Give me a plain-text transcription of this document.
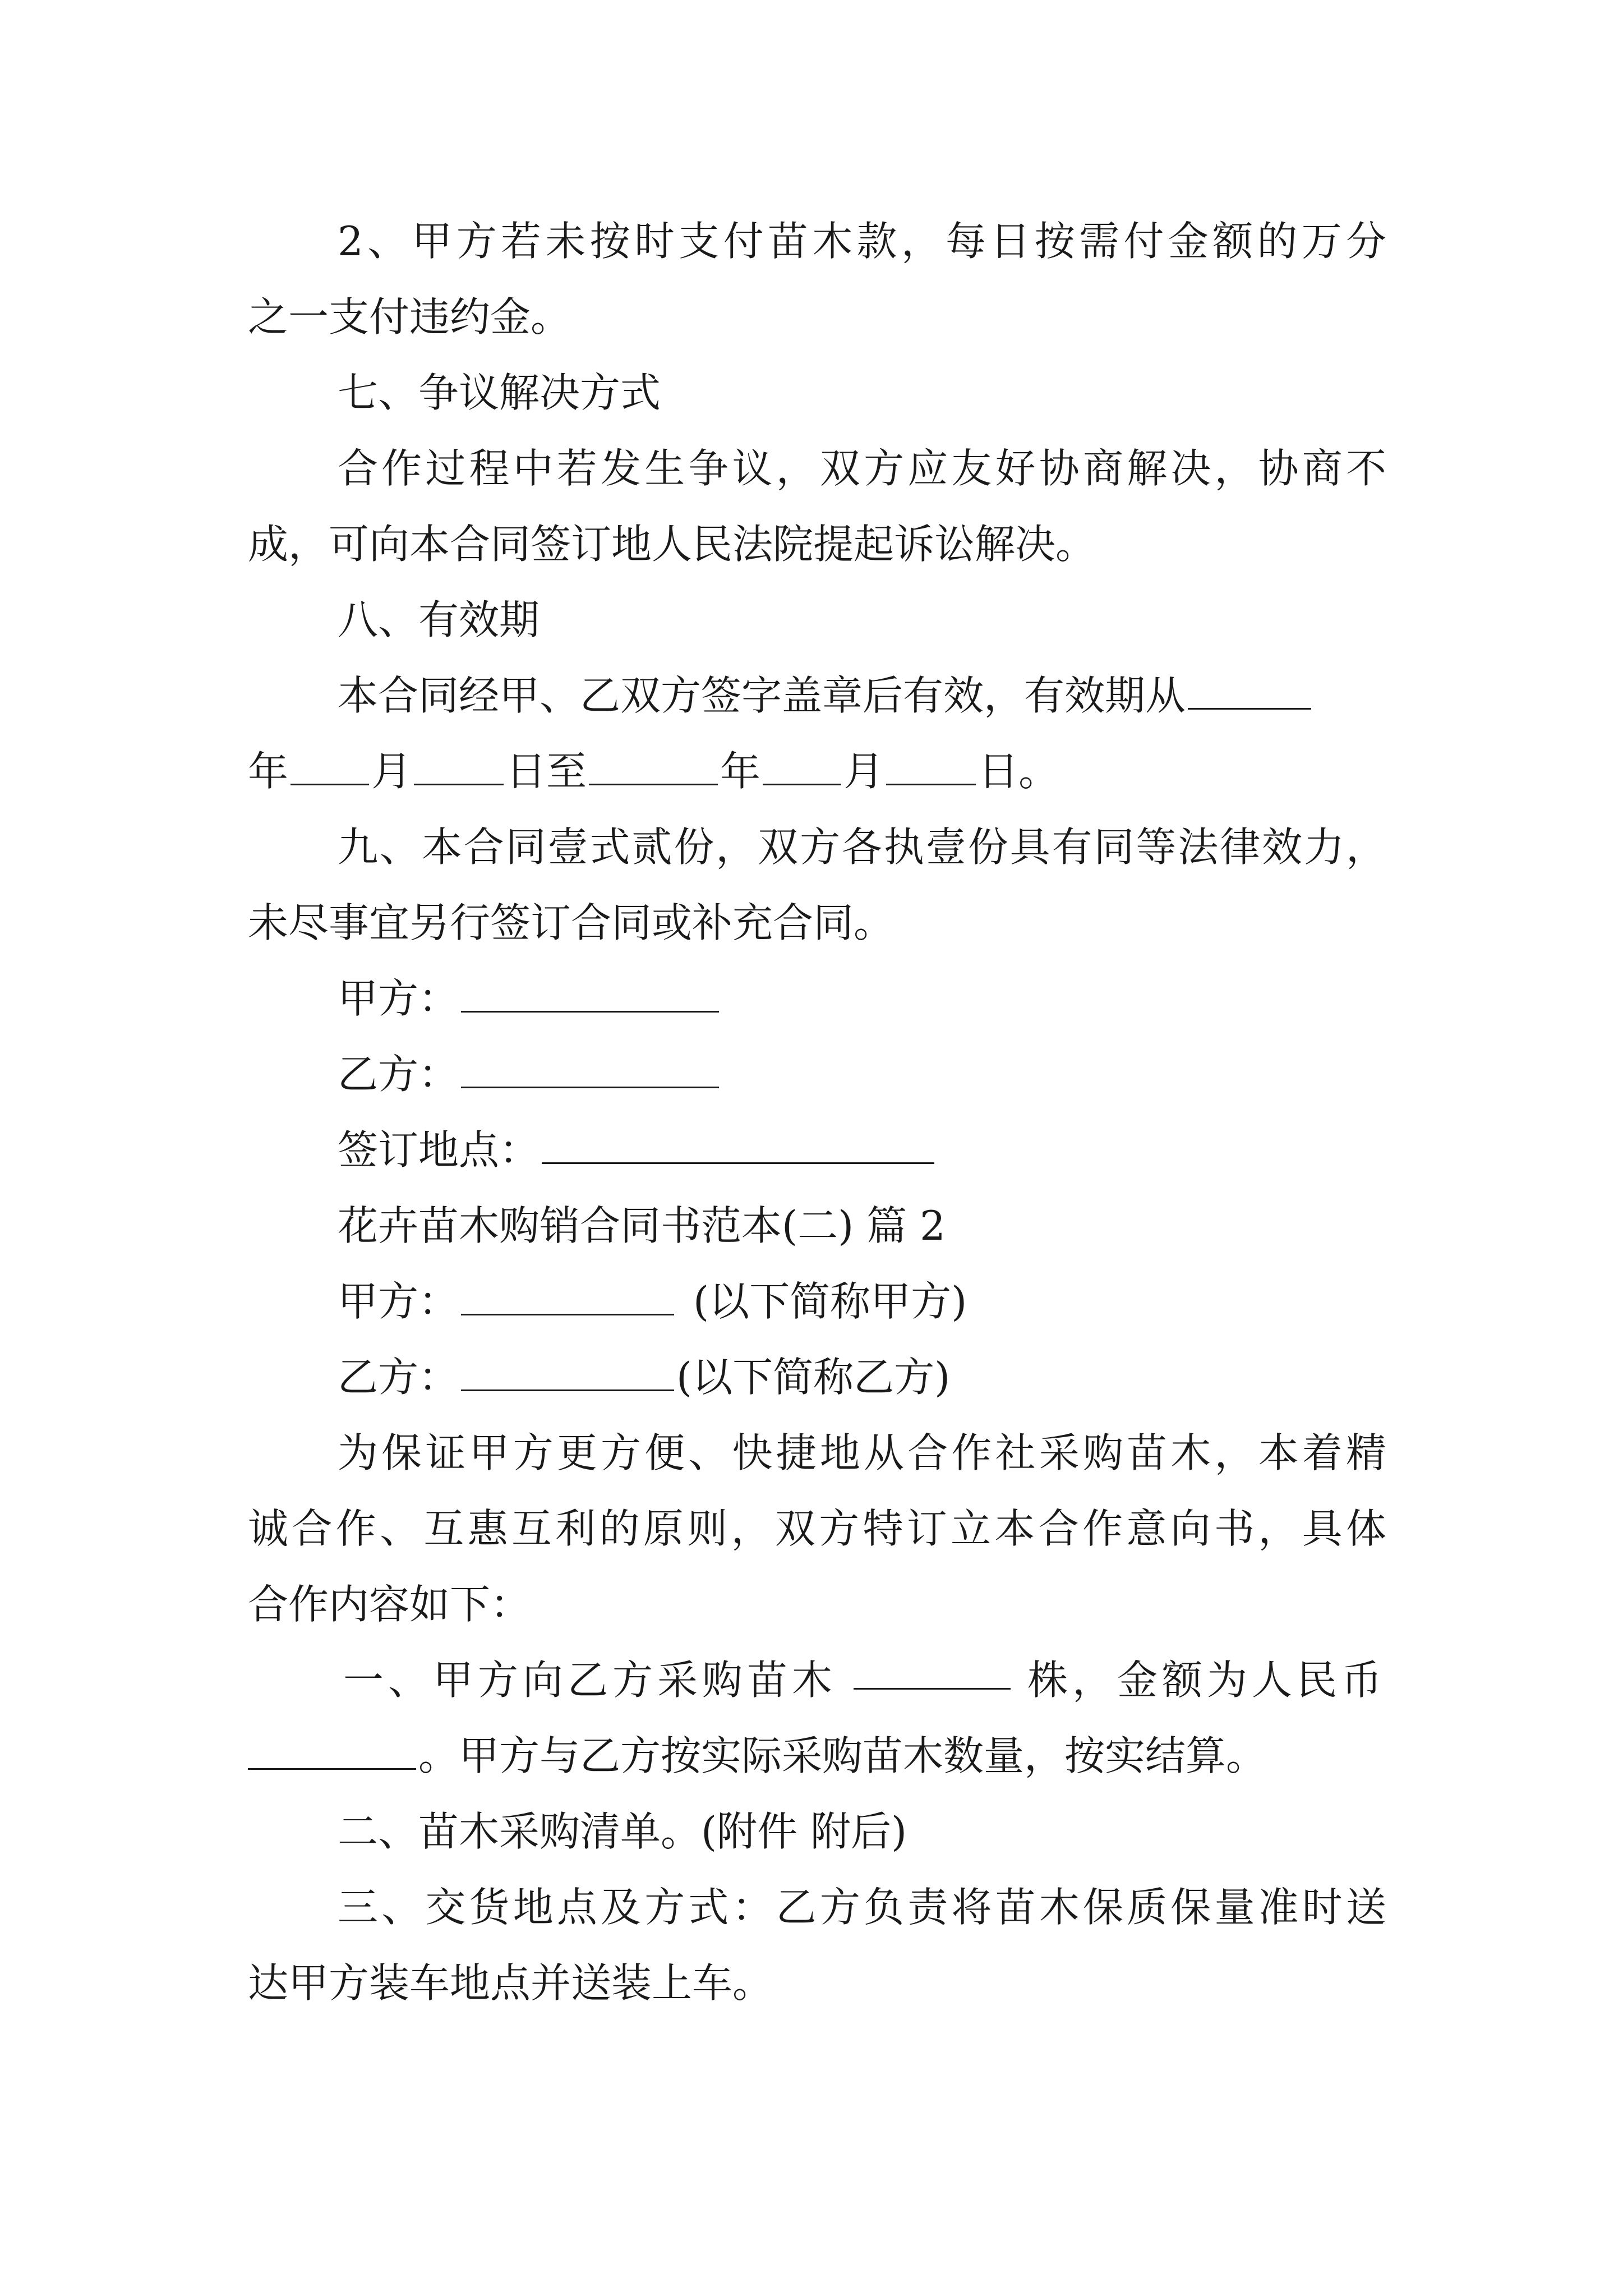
2、甲方若未按时支付苗木款，每日按需付金额的万分
之一支付违约金。
七、争议解决方式
合作过程中若发生争议，双方应友好协商解决，协商不
成，可向本合同签订地人民法院提起诉讼解决。
八、有效期
本合同经甲、乙双方签字盖章后有效，有效期从
年 月 日至	年 月 日。
九、本合同壹式贰份，双方各执壹份具有同等法律效力，
未尽事宜另行签订合同或补充合同。
甲方：
乙方：
签订地点：
花卉苗木购销合同书范本(二) 篇 2
甲方：	(以下简称甲方)
乙方：	(以下简称乙方)
为保证甲方更方便、快捷地从合作社采购苗木，本着精
诚合作、互惠互利的原则，双方特订立本合作意向书，具体
合作内容如下：
一、甲方向乙方采购苗木	株，金额为人民币
。甲方与乙方按实际采购苗木数量，按实结算。
二、苗木采购清单。(附件 附后)
三、交货地点及方式：乙方负责将苗木保质保量准时送
达甲方装车地点并送装上车。
